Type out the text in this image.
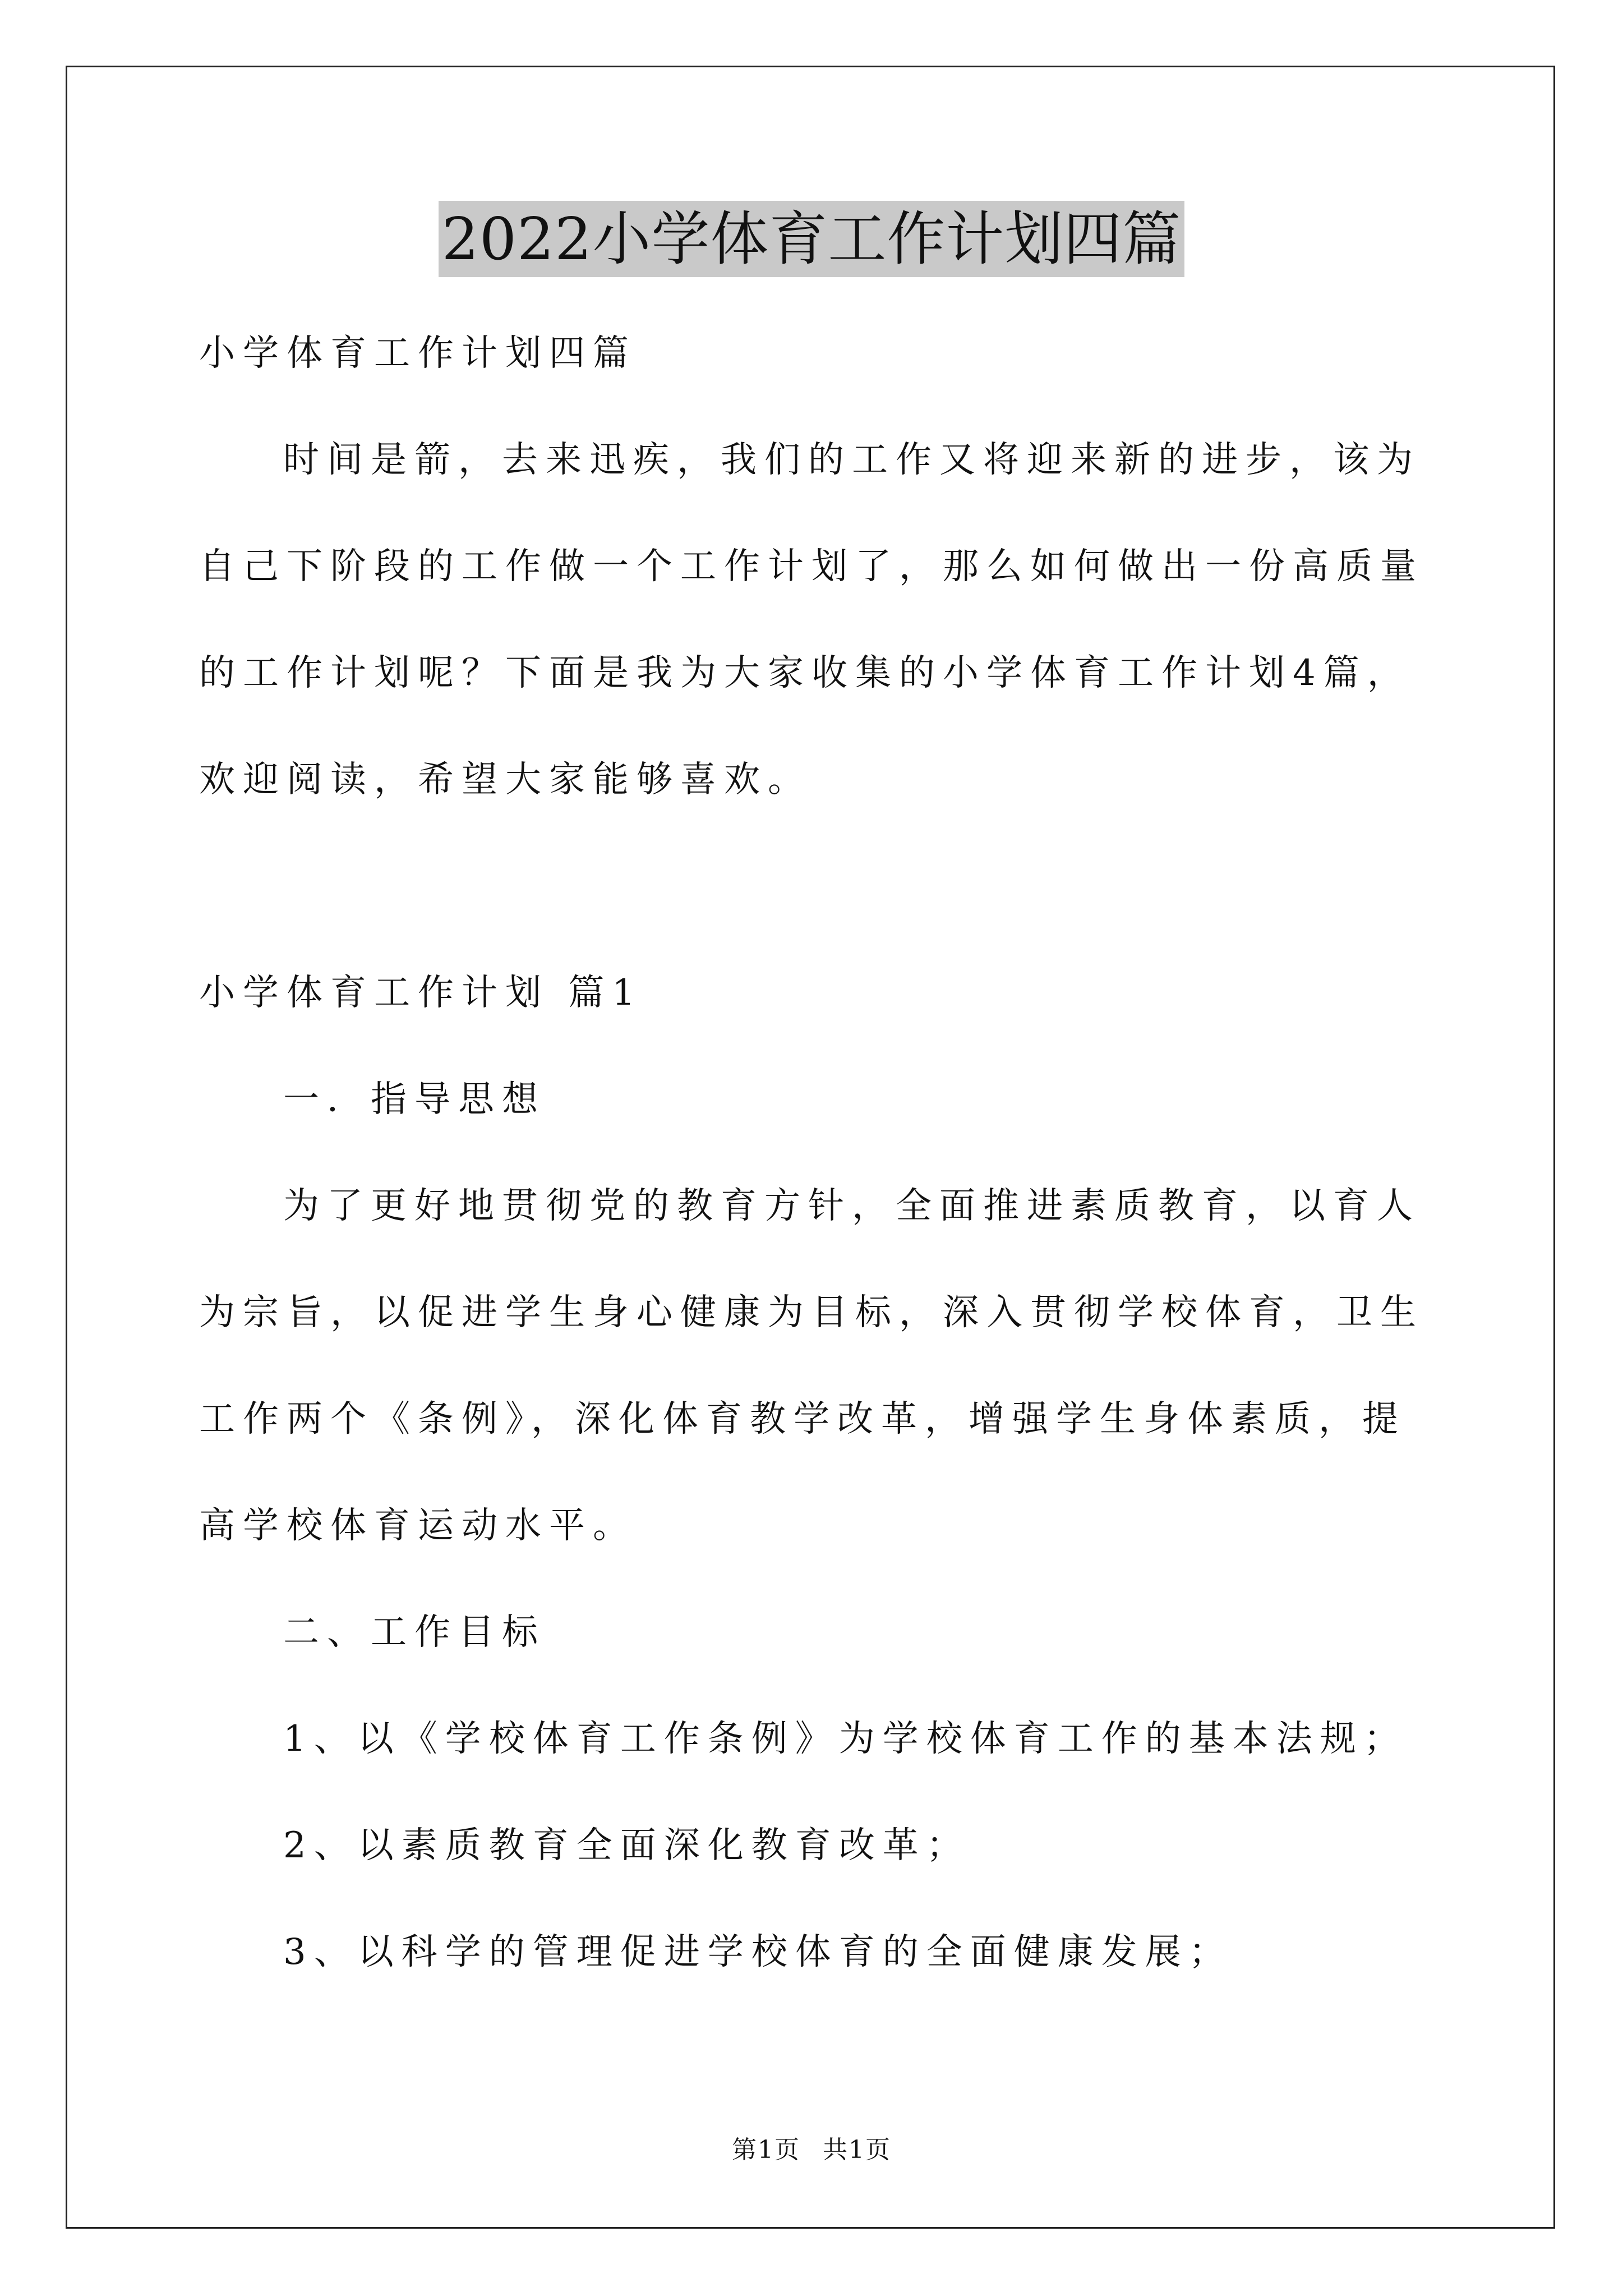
2022小学体育工作计划四篇

小学体育工作计划四篇

时间是箭，去来迅疾，我们的工作又将迎来新的进步，该为自己下阶段的工作做一个工作计划了，那么如何做出一份高质量的工作计划呢？下面是我为大家收集的小学体育工作计划4篇，欢迎阅读，希望大家能够喜欢。

小学体育工作计划 篇1

一．指导思想

为了更好地贯彻党的教育方针，全面推进素质教育，以育人为宗旨，以促进学生身心健康为目标，深入贯彻学校体育，卫生工作两个《条例》，深化体育教学改革，增强学生身体素质，提高学校体育运动水平。

二、工作目标

1、以《学校体育工作条例》为学校体育工作的基本法规；

2、以素质教育全面深化教育改革；

3、以科学的管理促进学校体育的全面健康发展；

第1页 共1页
